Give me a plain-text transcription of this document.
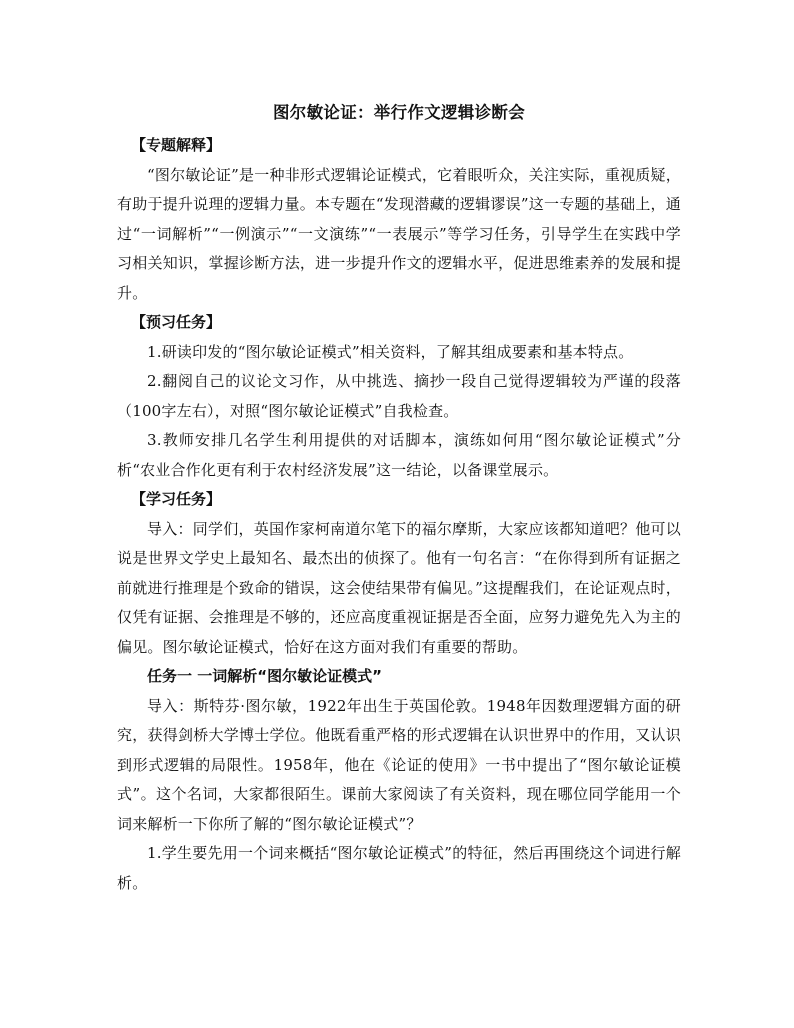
图尔敏论证：举行作文逻辑诊断会
【专题解释】

“图尔敏论证”是一种非形式逻辑论证模式，它着眼听众，关注实际，重视质疑，有助于提升说理的逻辑力量。本专题在“发现潜藏的逻辑谬误”这一专题的基础上，通过“一词解析”“一例演示”“一文演练”“一表展示”等学习任务，引导学生在实践中学习相关知识，掌握诊断方法，进一步提升作文的逻辑水平，促进思维素养的发展和提升。

【预习任务】

1.研读印发的“图尔敏论证模式”相关资料，了解其组成要素和基本特点。

2.翻阅自己的议论文习作，从中挑选、摘抄一段自己觉得逻辑较为严谨的段落（100字左右），对照“图尔敏论证模式”自我检查。

3.教师安排几名学生利用提供的对话脚本，演练如何用“图尔敏论证模式”分析“农业合作化更有利于农村经济发展”这一结论，以备课堂展示。

【学习任务】

导入：同学们，英国作家柯南道尔笔下的福尔摩斯，大家应该都知道吧？他可以说是世界文学史上最知名、最杰出的侦探了。他有一句名言：“在你得到所有证据之前就进行推理是个致命的错误，这会使结果带有偏见。”这提醒我们，在论证观点时，仅凭有证据、会推理是不够的，还应高度重视证据是否全面，应努力避免先入为主的偏见。图尔敏论证模式，恰好在这方面对我们有重要的帮助。

任务一 一词解析“图尔敏论证模式”

导入：斯特芬·图尔敏，1922年出生于英国伦敦。1948年因数理逻辑方面的研究，获得剑桥大学博士学位。他既看重严格的形式逻辑在认识世界中的作用，又认识到形式逻辑的局限性。1958年，他在《论证的使用》一书中提出了“图尔敏论证模式”。这个名词，大家都很陌生。课前大家阅读了有关资料，现在哪位同学能用一个词来解析一下你所了解的“图尔敏论证模式”？

1.学生要先用一个词来概括“图尔敏论证模式”的特征，然后再围绕这个词进行解析。
